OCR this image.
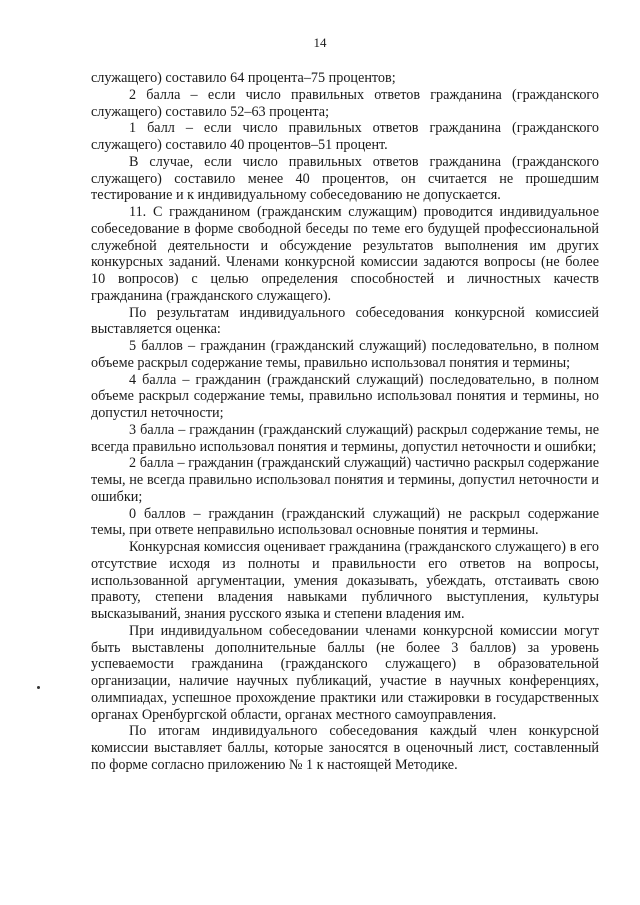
14

служащего) составило 64 процента–75 процентов;

2 балла – если число правильных ответов гражданина (гражданского служащего) составило 52–63 процента;

1 балл – если число правильных ответов гражданина (гражданского служащего) составило 40 процентов–51 процент.

В случае, если число правильных ответов гражданина (гражданского служащего) составило менее 40 процентов, он считается не прошедшим тестирование и к индивидуальному собеседованию не допускается.

11. С гражданином (гражданским служащим) проводится индивидуальное собеседование в форме свободной беседы по теме его будущей профессиональной служебной деятельности и обсуждение результатов выполнения им других конкурсных заданий. Членами конкурсной комиссии задаются вопросы (не более 10 вопросов) с целью определения способностей и личностных качеств гражданина (гражданского служащего).

По результатам индивидуального собеседования конкурсной комиссией выставляется оценка:

5 баллов – гражданин (гражданский служащий) последовательно, в полном объеме раскрыл содержание темы, правильно использовал понятия и термины;

4 балла – гражданин (гражданский служащий) последовательно, в полном объеме раскрыл содержание темы, правильно использовал понятия и термины, но допустил неточности;

3 балла – гражданин (гражданский служащий) раскрыл содержание темы, не всегда правильно использовал понятия и термины, допустил неточности и ошибки;

2 балла – гражданин (гражданский служащий) частично раскрыл содержание темы, не всегда правильно использовал понятия и термины, допустил неточности и ошибки;

0 баллов – гражданин (гражданский служащий) не раскрыл содержание темы, при ответе неправильно использовал основные понятия и термины.

Конкурсная комиссия оценивает гражданина (гражданского служащего) в его отсутствие исходя из полноты и правильности его ответов на вопросы, использованной аргументации, умения доказывать, убеждать, отстаивать свою правоту, степени владения навыками публичного выступления, культуры высказываний, знания русского языка и степени владения им.

При индивидуальном собеседовании членами конкурсной комиссии могут быть выставлены дополнительные баллы (не более 3 баллов) за уровень успеваемости гражданина (гражданского служащего) в образовательной организации, наличие научных публикаций, участие в научных конференциях, олимпиадах, успешное прохождение практики или стажировки в государственных органах Оренбургской области, органах местного самоуправления.

По итогам индивидуального собеседования каждый член конкурсной комиссии выставляет баллы, которые заносятся в оценочный лист, составленный по форме согласно приложению № 1 к настоящей Методике.
